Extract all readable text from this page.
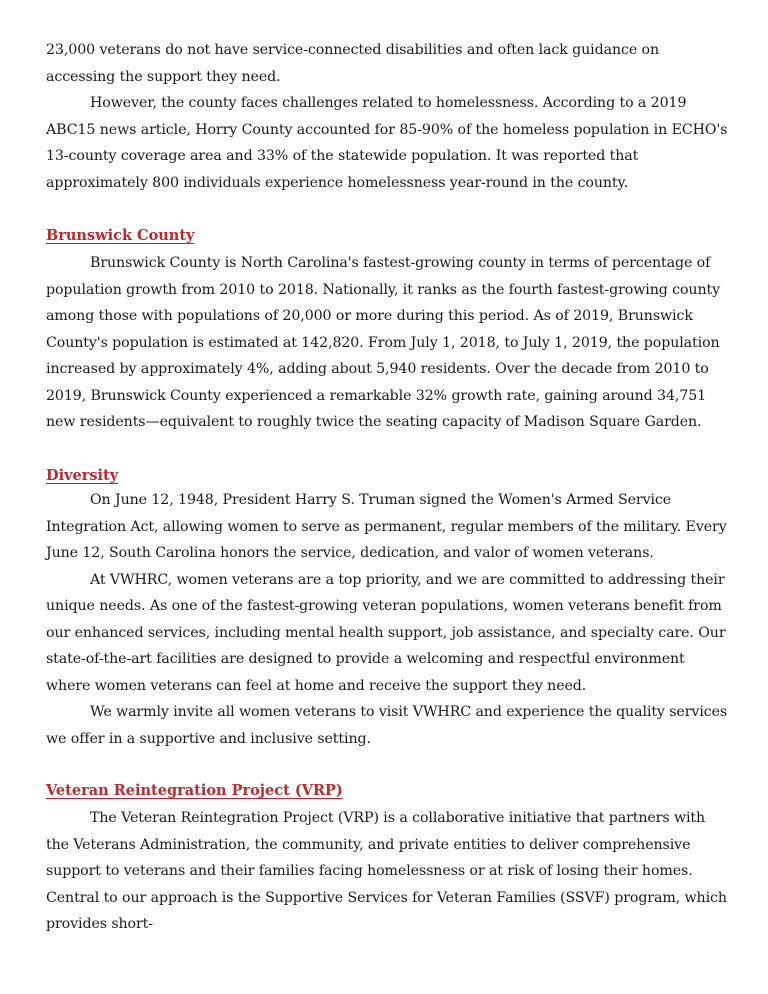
23,000 veterans do not have service-connected disabilities and often lack guidance on accessing the support they need.

However, the county faces challenges related to homelessness. According to a 2019 ABC15 news article, Horry County accounted for 85-90% of the homeless population in ECHO's 13-county coverage area and 33% of the statewide population. It was reported that approximately 800 individuals experience homelessness year-round in the county.

Brunswick County

Brunswick County is North Carolina's fastest-growing county in terms of percentage of population growth from 2010 to 2018. Nationally, it ranks as the fourth fastest-growing county among those with populations of 20,000 or more during this period. As of 2019, Brunswick County's population is estimated at 142,820. From July 1, 2018, to July 1, 2019, the population increased by approximately 4%, adding about 5,940 residents. Over the decade from 2010 to 2019, Brunswick County experienced a remarkable 32% growth rate, gaining around 34,751 new residents—equivalent to roughly twice the seating capacity of Madison Square Garden.

Diversity

On June 12, 1948, President Harry S. Truman signed the Women's Armed Service Integration Act, allowing women to serve as permanent, regular members of the military. Every June 12, South Carolina honors the service, dedication, and valor of women veterans.

At VWHRC, women veterans are a top priority, and we are committed to addressing their unique needs. As one of the fastest-growing veteran populations, women veterans benefit from our enhanced services, including mental health support, job assistance, and specialty care. Our state-of-the-art facilities are designed to provide a welcoming and respectful environment where women veterans can feel at home and receive the support they need.

We warmly invite all women veterans to visit VWHRC and experience the quality services we offer in a supportive and inclusive setting.

Veteran Reintegration Project (VRP)

The Veteran Reintegration Project (VRP) is a collaborative initiative that partners with the Veterans Administration, the community, and private entities to deliver comprehensive support to veterans and their families facing homelessness or at risk of losing their homes. Central to our approach is the Supportive Services for Veteran Families (SSVF) program, which provides short-
